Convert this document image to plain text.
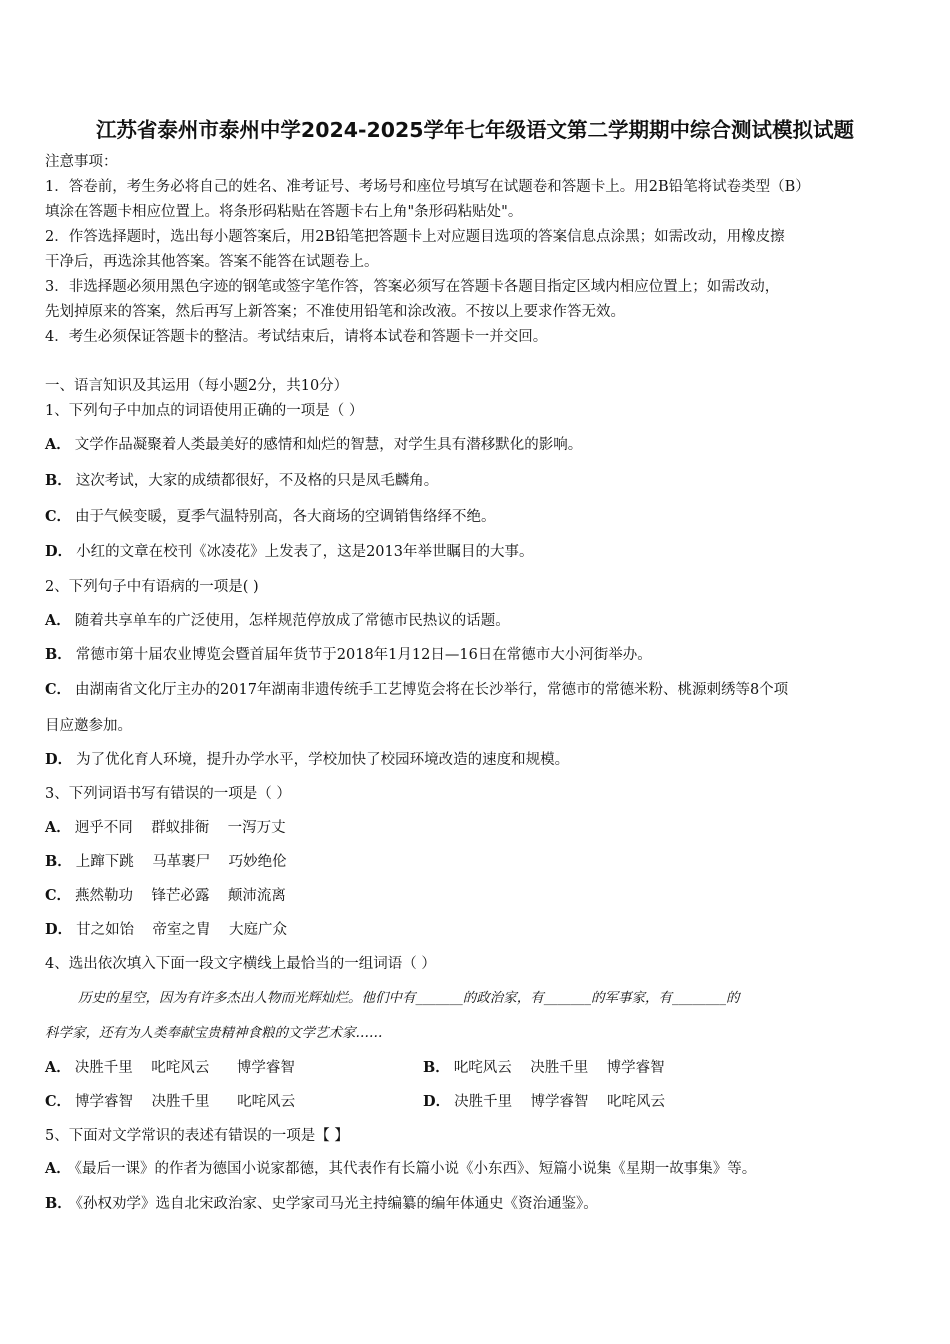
江苏省泰州市泰州中学2024-2025学年七年级语文第二学期期中综合测试模拟试题
注意事项：
1．答卷前，考生务必将自己的姓名、准考证号、考场号和座位号填写在试题卷和答题卡上。用2B铅笔将试卷类型（B）
填涂在答题卡相应位置上。将条形码粘贴在答题卡右上角"条形码粘贴处"。
2．作答选择题时，选出每小题答案后，用2B铅笔把答题卡上对应题目选项的答案信息点涂黑；如需改动，用橡皮擦
干净后，再选涂其他答案。答案不能答在试题卷上。
3．非选择题必须用黑色字迹的钢笔或签字笔作答，答案必须写在答题卡各题目指定区域内相应位置上；如需改动，
先划掉原来的答案，然后再写上新答案；不准使用铅笔和涂改液。不按以上要求作答无效。
4．考生必须保证答题卡的整洁。考试结束后，请将本试卷和答题卡一并交回。
一、语言知识及其运用（每小题2分，共10分）
1、下列句子中加点的词语使用正确的一项是（ ）
A． 文学作品凝聚着人类最美好的感情和灿烂的智慧，对学生具有潜移默化的影响。
B． 这次考试，大家的成绩都很好，不及格的只是凤毛麟角。
C． 由于气候变暖，夏季气温特别高，各大商场的空调销售络绎不绝。
D． 小红的文章在校刊《冰凌花》上发表了，这是2013年举世瞩目的大事。
2、下列句子中有语病的一项是( )
A． 随着共享单车的广泛使用，怎样规范停放成了常德市民热议的话题。
B． 常德市第十届农业博览会暨首届年货节于2018年1月12日—16日在常德市大小河街举办。
C． 由湖南省文化厅主办的2017年湖南非遗传统手工艺博览会将在长沙举行，常德市的常德米粉、桃源刺绣等8个项
目应邀参加。
D． 为了优化育人环境，提升办学水平，学校加快了校园环境改造的速度和规模。
3、下列词语书写有错误的一项是（ ）
A． 迥乎不同    群蚁排衙    一泻万丈
B． 上蹿下跳    马革裹尸    巧妙绝伦
C． 燕然勒功    锋芒必露    颠沛流离
D． 甘之如饴    帝室之胄    大庭广众
4、选出依次填入下面一段文字横线上最恰当的一组词语（ ）
历史的星空，因为有许多杰出人物而光辉灿烂。他们中有_______的政治家，有_______的军事家，有________的
科学家，还有为人类奉献宝贵精神食粮的文学艺术家……
A． 决胜千里    叱咤风云      博学睿智	B． 叱咤风云    决胜千里    博学睿智
C． 博学睿智    决胜千里      叱咤风云	D． 决胜千里    博学睿智    叱咤风云
5、下面对文学常识的表述有错误的一项是【 】
A． 《最后一课》的作者为德国小说家都德，其代表作有长篇小说《小东西》、短篇小说集《星期一故事集》等。
B． 《孙权劝学》选自北宋政治家、史学家司马光主持编纂的编年体通史《资治通鉴》。
